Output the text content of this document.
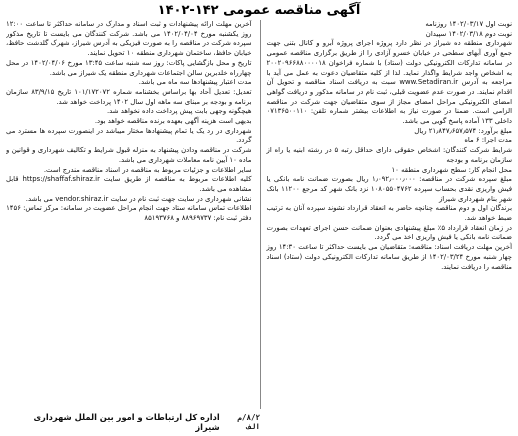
آگهی مناقصه عمومی ۱۴۲-۱۴۰۲

نوبت اول ۱۴۰۲/۰۳/۱۷ روزنامه

نوبت دوم ۱۴۰۲/۰۳/۱۸ سپیدان

شهرداری منطقه ده شیراز در نظر دارد پروژه اجرای پروژه آبرو و کانال بتنی جهت جمع آوری آبهای سطحی در خیابان خسرو آزادی را از طریق برگزاری مناقصه عمومی در سامانه تدارکات الکترونیکی دولت (ستاد) با شماره فراخوان ۲۰۰۲۰۹۶۶۸۸۰۰۰۰۱۸ به اشخاص واجد شرایط واگذار نماید. لذا از کلیه متقاضیان دعوت به عمل می آید با مراجعه به آدرس www.Setadiran.ir سبت به دریافت اسناد مناقصه و تحویل آن اقدام نمایند. در صورت عدم عضویت قبلی، ثبت نام در سامانه مذکور و دریافت گواهی امضای الکترونیکی مراحل امضای مجاز از سوی متقاضیان جهت شرکت در مناقصه الزامی است. ضمنا در صورت نیاز به اطلاعات بیشتر شماره تلفن: ۰۷۱۳۶۵۰۰۱۱۰ داخلی ۱۳۳ آماده پاسخ گویی می باشد.

مبلغ برآورد: ۲۱٫۸۴۷٫۶۵۷٫۵۷۴ ریال

مدت اجرا: ۶ ماه

شرایط شرکت کنندگان: اشخاص حقوقی دارای حداقل رتبه ۵ در رشته ابنیه یا راه از سازمان برنامه و بودجه

محل انجام کار: سطح شهرداری منطقه ۱۰

مبلغ سپرده شرکت در مناقصه: ۱٫۰۹۲٫۰۰۰٫۰۰۰ ریال بصورت ضمانت نامه بانکی یا فیش واریزی نقدی بحساب سپرده ۱۰۸۰۵۵۰۴۷۶۲ نزد بانک شهر کد مرجع ۱۱۲۰۰ بانک شهر بنام شهرداری شیراز

برندگان اول و دوم مناقصه چنانچه حاضر به انعقاد قرارداد نشوند سپرده آنان به ترتیب ضبط خواهد شد.

در زمان انعقاد قرارداد ۵٪ مبلغ پیشنهادی بعنوان ضمانت حسن اجرای تعهدات بصورت ضمانت نامه بانکی یا فیش واریزی اخذ می گردد.

آخرین مهلت دریافت اسناد: مناقصه: متقاضیان می بایست حداکثر تا ساعت ۱۴:۳۰ روز چهار شنبه مورخ ۱۴۰۲/۰۳/۲۴ از طریق سامانه تدارکات الکترونیکی دولت (ستاد) اسناد مناقصه را دریافت نمایند.

آخرین مهلت ارائه پیشنهادات و ثبت اسناد و مدارک در سامانه حداکثر تا ساعت ۱۲:۰۰ روز یکشنبه مورخ ۱۴۰۲/۰۴/۰۴ می باشد. شرکت کنندگان می بایست تا تاریخ مذکور سپرده شرکت در مناقصه را به صورت فیزیکی به آدرس شیراز، شهرک گلدشت حافظ، خیابان حافظ، ساختمان شهرداری منطقه ۱۰ تحویل نمایند.

تاریخ و محل بازگشایی پاکات: روز سه شنبه ساعت ۱۳:۴۵ مورخ ۱۴۰۲/۰۴/۰۶ در محل چهارراه خلدبرین سالن اجتماعات شهرداری منطقه یک شیراز می باشد.

مدت اعتبار پیشنهادها سه ماه می باشد.

تعدیل: تعدیل آحاد بها براساس بخشنامه شماره ۱۰۱/۱۷۲۰۷۲ تاریخ ۸۳/۹/۱۵ سازمان برنامه و بودجه بر مبنای سه ماهه اول سال ۱۴۰۲ پرداخت خواهد شد.

هیچگونه وجهی بابت پیش پرداخت داده نخواهد شد.

بدیهی است هزینه آگهی بعهده برنده مناقصه خواهد بود.

شهرداری در رد یک یا تمام پیشنهادها مختار میباشد در اینصورت سپرده ها مسترد می گردد.

شرکت در مناقصه ودادن پیشنهاد به منزله قبول شرایط و تکالیف شهرداری و قوانین و ماده ۱۰ آیین نامه معاملات شهرداری می باشد.

سایر اطلاعات و جزئیات مربوط به مناقصه در اسناد مناقصه مندرج است.

کلیه اطلاعات مربوط به مناقصه از طریق سایت https://shaffaf.shiraz.ir قابل مشاهده می باشد.

نشانی شهرداری در سایت جهت ثبت نام در سایت vendor.shiraz.ir می باشد.

اطلاعات تماس سامانه ستاد جهت انجام مراحل عضویت در سامانه: مرکز تماس: ۱۴۵۶

دفتر ثبت نام: ۸۸۹۶۹۷۳۷ و ۸۵۱۹۳۷۶۸

۸/۲/م الف
اداره کل ارتباطات و امور بین الملل شهرداری شیراز
